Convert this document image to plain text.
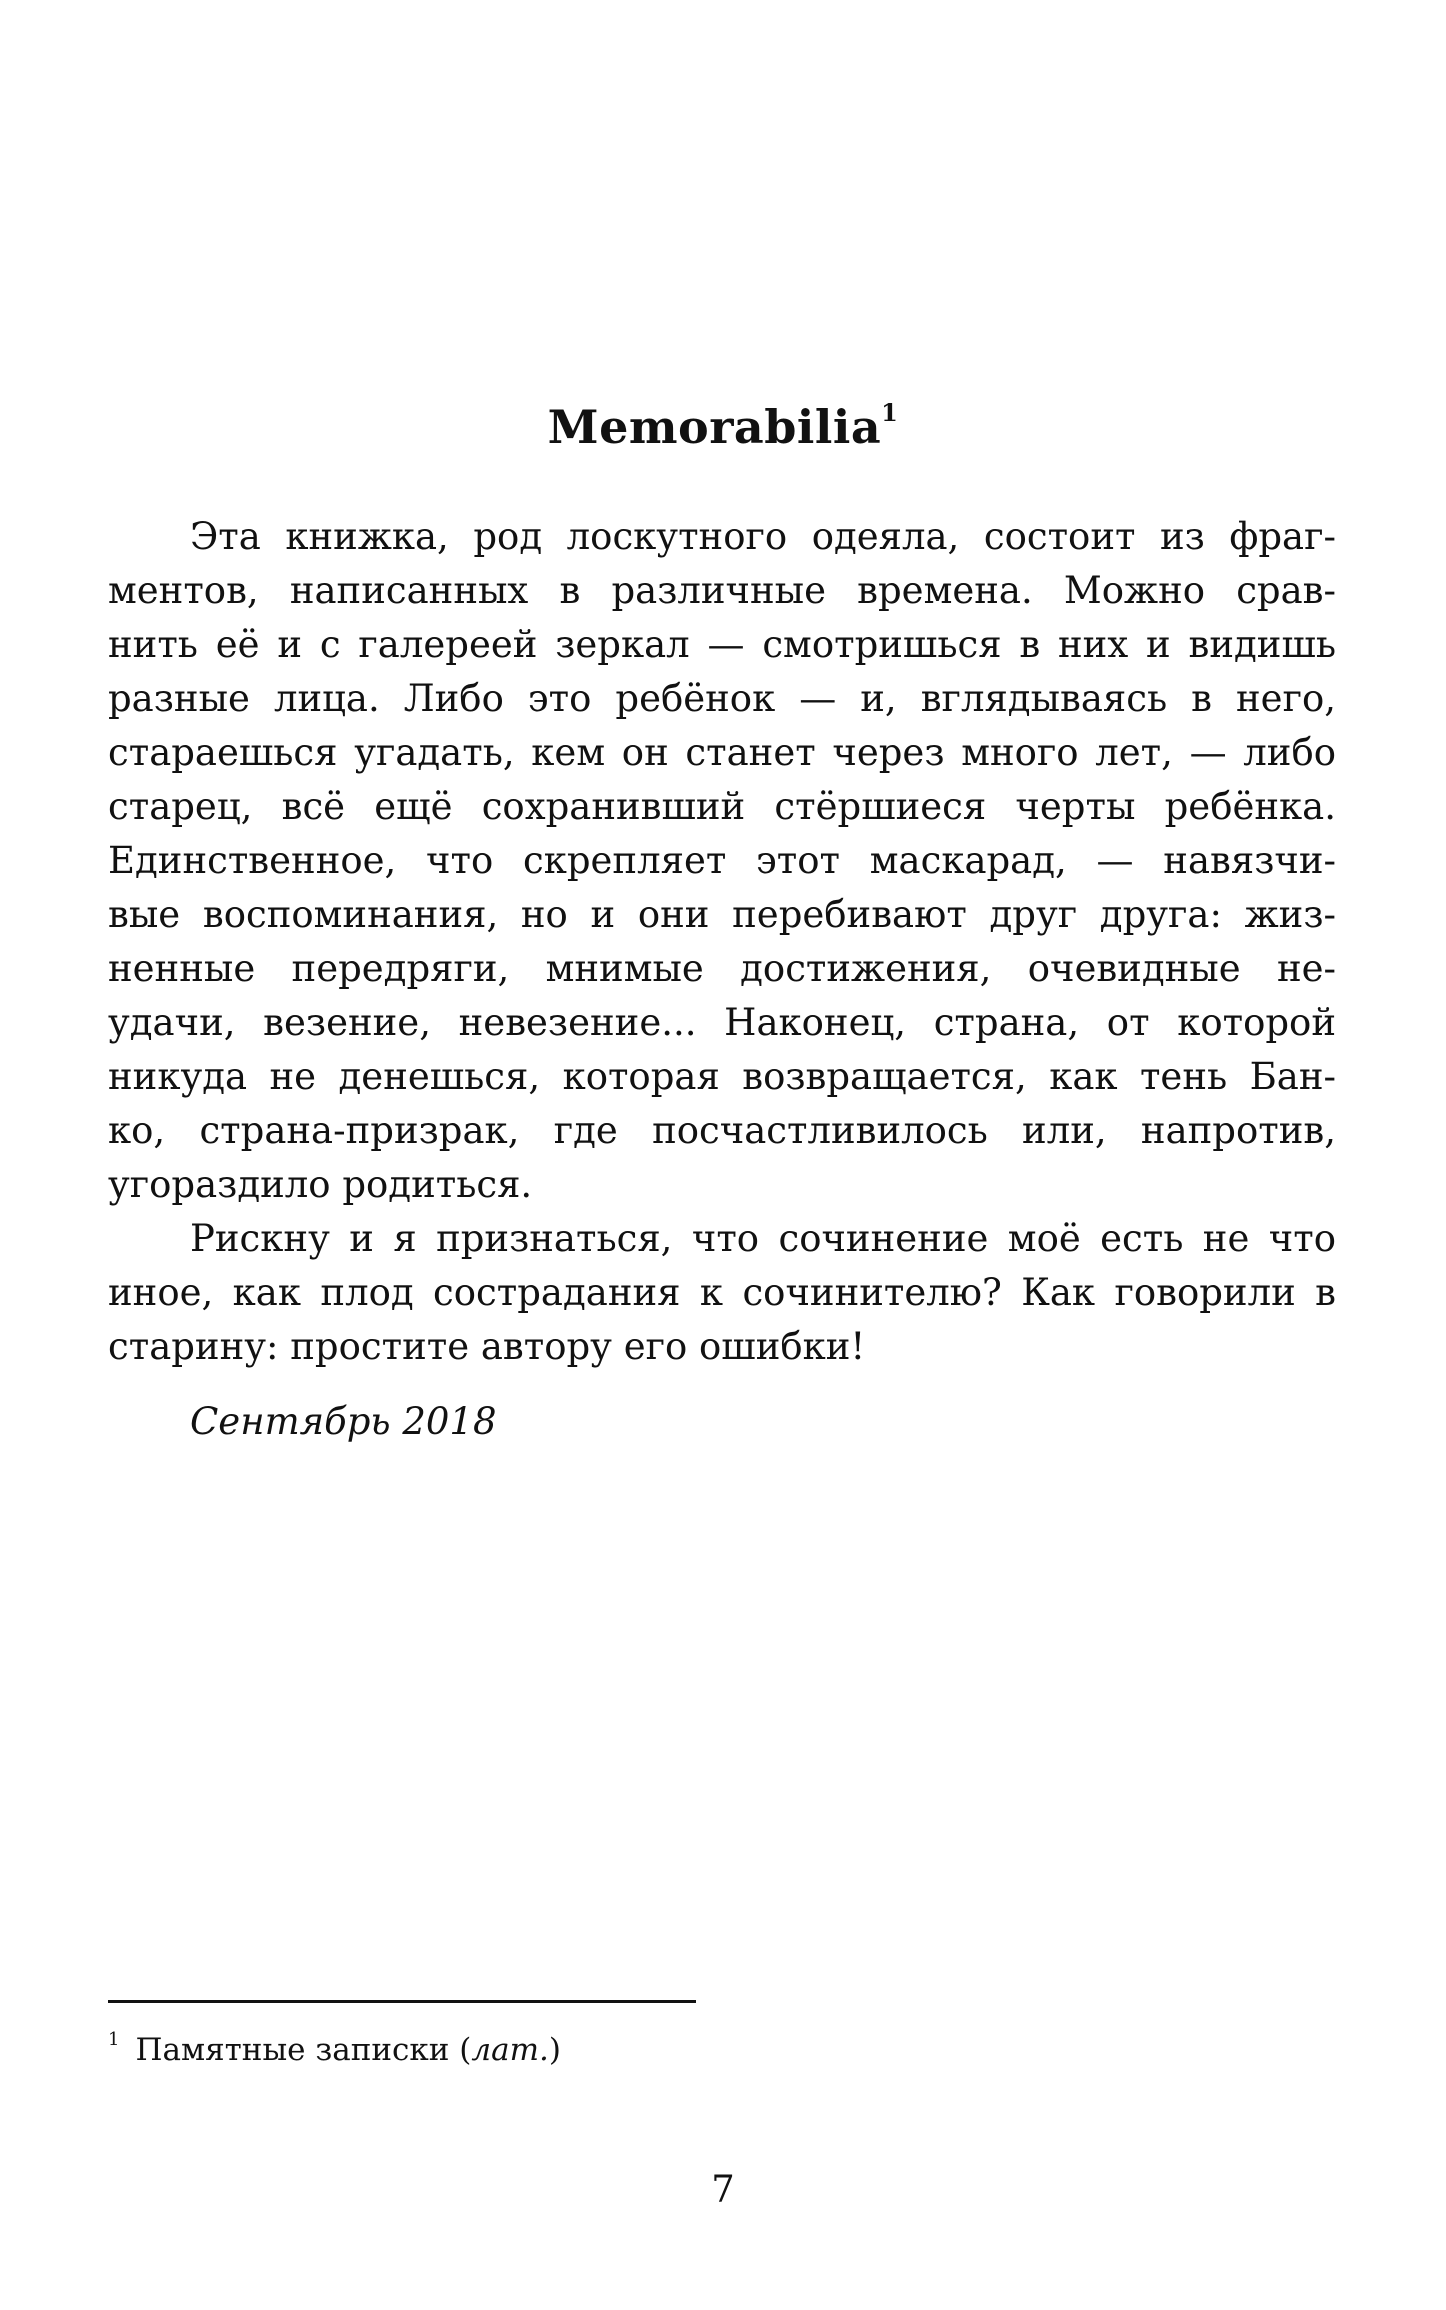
Memorabilia$^1$
Эта книжка, род лоскутного одеяла, состоит из фраг-
ментов, написанных в различные времена. Можно срав-
нить её и с галереей зеркал — смотришься в них и видишь
разные лица. Либо это ребёнок — и, вглядываясь в него,
стараешься угадать, кем он станет через много лет, — либо
старец, всё ещё сохранивший стёршиеся черты ребёнка.
Единственное, что скрепляет этот маскарад, — навязчи-
вые воспоминания, но и они перебивают друг друга: жиз-
ненные передряги, мнимые достижения, очевидные не-
удачи, везение, невезение... Наконец, страна, от которой
никуда не денешься, которая возвращается, как тень Бан-
ко, страна-призрак, где посчастливилось или, напротив,
угораздило родиться.
Рискну и я признаться, что сочинение моё есть не что
иное, как плод сострадания к сочинителю? Как говорили в
старину: простите автору его ошибки!
Сентябрь 2018
$^1$ Памятные записки (лат.)
7
